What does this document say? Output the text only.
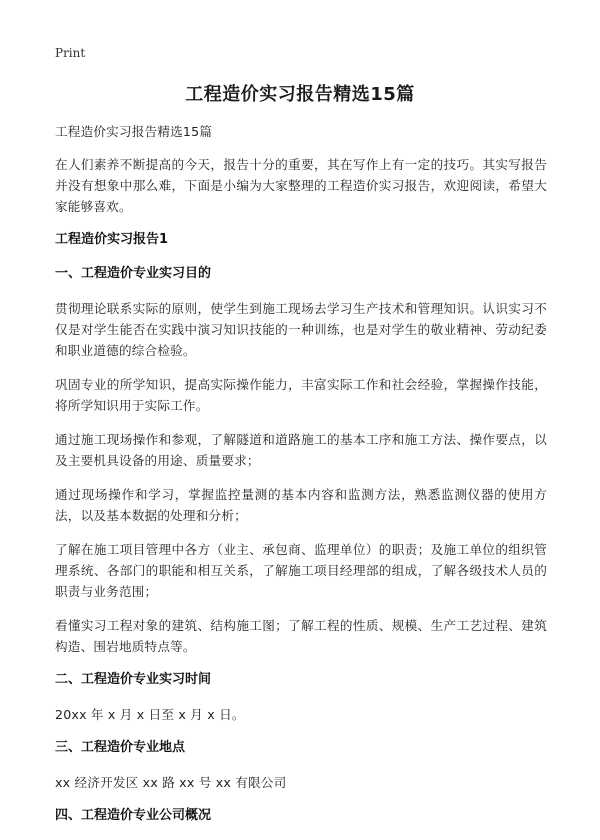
Print
工程造价实习报告精选15篇

工程造价实习报告精选15篇

在人们素养不断提高的今天，报告十分的重要，其在写作上有一定的技巧。其实写报告并没有想象中那么难，下面是小编为大家整理的工程造价实习报告，欢迎阅读，希望大家能够喜欢。

工程造价实习报告1
一、工程造价专业实习目的

贯彻理论联系实际的原则，使学生到施工现场去学习生产技术和管理知识。认识实习不仅是对学生能否在实践中演习知识技能的一种训练，也是对学生的敬业精神、劳动纪委和职业道德的综合检验。

巩固专业的所学知识，提高实际操作能力，丰富实际工作和社会经验，掌握操作技能，将所学知识用于实际工作。

通过施工现场操作和参观，了解隧道和道路施工的基本工序和施工方法、操作要点，以及主要机具设备的用途、质量要求；

通过现场操作和学习，掌握监控量测的基本内容和监测方法，熟悉监测仪器的使用方法，以及基本数据的处理和分析；

了解在施工项目管理中各方（业主、承包商、监理单位）的职责；及施工单位的组织管理系统、各部门的职能和相互关系，了解施工项目经理部的组成，了解各级技术人员的职责与业务范围；

看懂实习工程对象的建筑、结构施工图；了解工程的性质、规模、生产工艺过程、建筑构造、围岩地质特点等。

二、工程造价专业实习时间

20xx 年 x 月 x 日至 x 月 x 日。

三、工程造价专业地点

xx 经济开发区 xx 路 xx 号 xx 有限公司

四、工程造价专业公司概况
